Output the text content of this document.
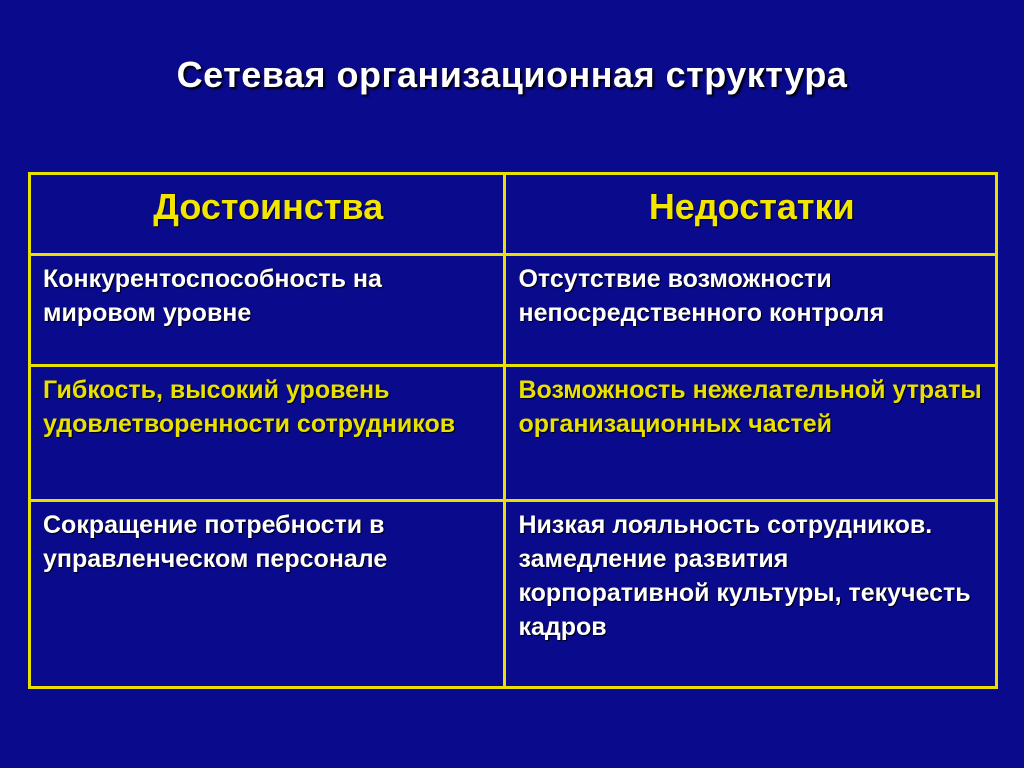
Сетевая организационная структура
Достоинства	Недостатки
Конкурентоспособность на мировом уровне	Отсутствие возможности непосредственного контроля
Гибкость, высокий уровень удовлетворенности сотрудников	Возможность нежелательной утраты организационных частей
Сокращение потребности в управленческом персонале	Низкая лояльность сотрудников. замедление развития корпоративной культуры, текучесть кадров
